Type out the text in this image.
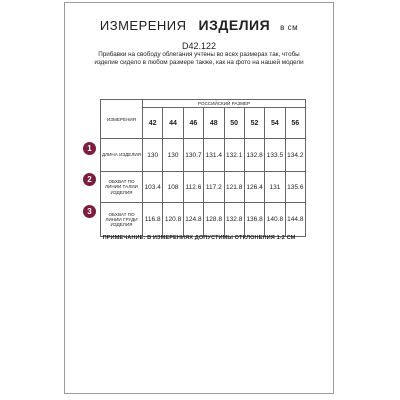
ИЗМЕРЕНИЯ ИЗДЕЛИЯ в см
D42.122
Прибавки на свободу облегания учтены во всех размерах так, чтобы изделие сидело в любом размере также, как на фото на нашей модели
ИЗМЕРЕНИЯ	РОССИЙСКИЙ РАЗМЕР							
	42	44	46	48	50	52	54	56
ДЛИНА ИЗДЕЛИЯ	130	130	130.7	131.4	132.1	132.8	133.5	134.2
ОБХВАТ ПО ЛИНИИ ТАЛИИ ИЗДЕЛИЯ	103.4	108	112.6	117.2	121.8	126.4	131	135.6
ОБХВАТ ПО ЛИНИИ ГРУДИ ИЗДЕЛИЯ	116.8	120.8	124.8	128.8	132.8	136.8	140.8	144.8
1
2
3
ПРИМЕЧАНИЕ: В ИЗМЕРЕНИЯХ ДОПУСТИМЫ ОТКЛОНЕНИЯ 1-2 СМ
